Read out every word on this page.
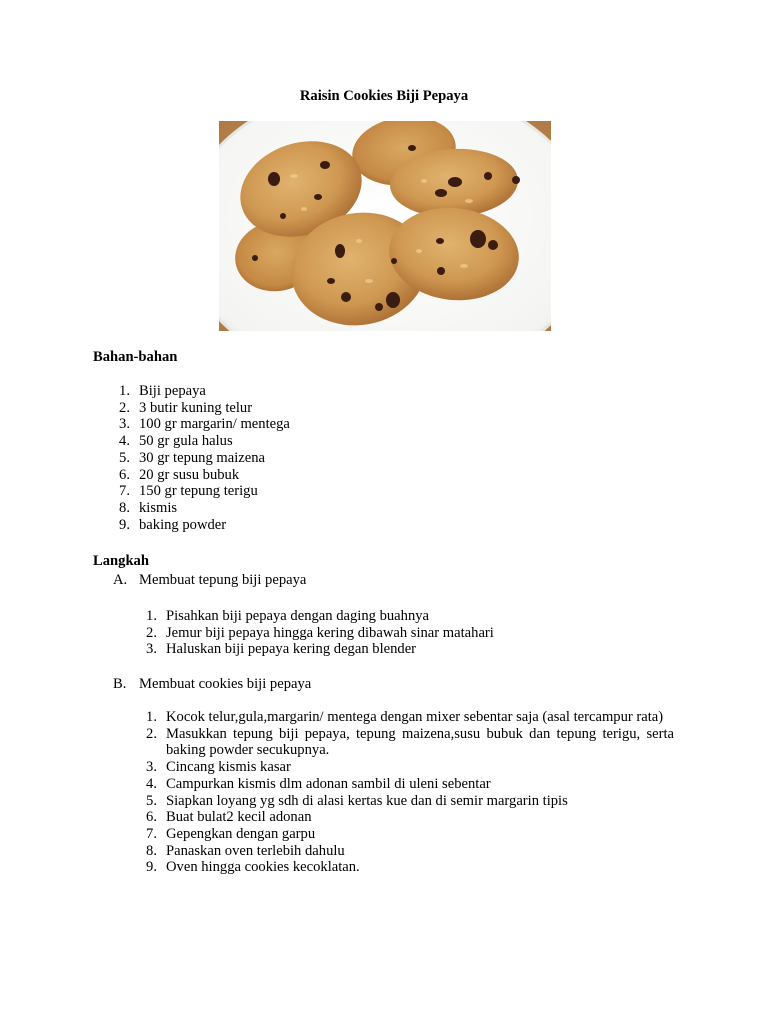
Raisin Cookies Biji Pepaya
Bahan-bahan
1. Biji pepaya
2. 3 butir kuning telur
3. 100 gr margarin/ mentega
4. 50 gr gula halus
5. 30 gr tepung maizena
6. 20 gr susu bubuk
7. 150 gr tepung terigu
8. kismis
9. baking powder
Langkah
A. Membuat tepung biji pepaya
1. Pisahkan biji pepaya dengan daging buahnya
2. Jemur biji pepaya hingga kering dibawah sinar matahari
3. Haluskan biji pepaya kering degan blender
B. Membuat cookies biji pepaya
1. Kocok telur,gula,margarin/ mentega dengan mixer sebentar saja (asal tercampur rata)
2. Masukkan tepung biji pepaya, tepung maizena,susu bubuk dan tepung terigu, serta baking powder secukupnya.
3. Cincang kismis kasar
4. Campurkan kismis dlm adonan sambil di uleni sebentar
5. Siapkan loyang yg sdh di alasi kertas kue dan di semir margarin tipis
6. Buat bulat2 kecil adonan
7. Gepengkan dengan garpu
8. Panaskan oven terlebih dahulu
9. Oven hingga cookies kecoklatan.
